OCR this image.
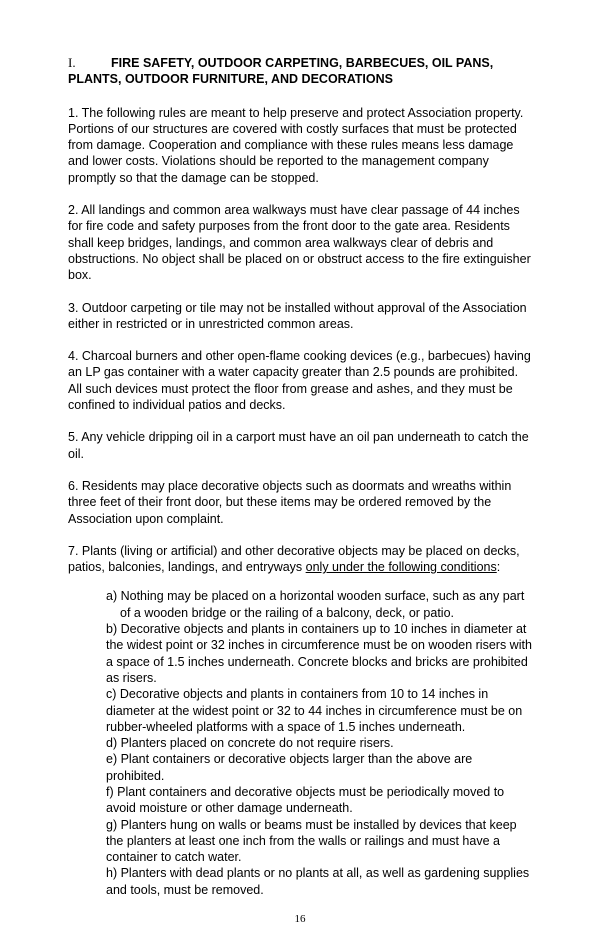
I.	FIRE SAFETY, OUTDOOR CARPETING, BARBECUES, OIL PANS, PLANTS, OUTDOOR FURNITURE, AND DECORATIONS

1. The following rules are meant to help preserve and protect Association property. Portions of our structures are covered with costly surfaces that must be protected from damage. Cooperation and compliance with these rules means less damage and lower costs. Violations should be reported to the management company promptly so that the damage can be stopped.

2. All landings and common area walkways must have clear passage of 44 inches for fire code and safety purposes from the front door to the gate area. Residents shall keep bridges, landings, and common area walkways clear of debris and obstructions. No object shall be placed on or obstruct access to the fire extinguisher box.

3. Outdoor carpeting or tile may not be installed without approval of the Association either in restricted or in unrestricted common areas.

4. Charcoal burners and other open-flame cooking devices (e.g., barbecues) having an LP gas container with a water capacity greater than 2.5 pounds are prohibited. All such devices must protect the floor from grease and ashes, and they must be confined to individual patios and decks.

5. Any vehicle dripping oil in a carport must have an oil pan underneath to catch the oil.

6. Residents may place decorative objects such as doormats and wreaths within three feet of their front door, but these items may be ordered removed by the Association upon complaint.

7. Plants (living or artificial) and other decorative objects may be placed on decks, patios, balconies, landings, and entryways only under the following conditions:

a) Nothing may be placed on a horizontal wooden surface, such as any part of a wooden bridge or the railing of a balcony, deck, or patio.
b) Decorative objects and plants in containers up to 10 inches in diameter at the widest point or 32 inches in circumference must be on wooden risers with a space of 1.5 inches underneath. Concrete blocks and bricks are prohibited as risers.
c) Decorative objects and plants in containers from 10 to 14 inches in diameter at the widest point or 32 to 44 inches in circumference must be on rubber-wheeled platforms with a space of 1.5 inches underneath.
d) Planters placed on concrete do not require risers.
e) Plant containers or decorative objects larger than the above are prohibited.
f) Plant containers and decorative objects must be periodically moved to avoid moisture or other damage underneath.
g) Planters hung on walls or beams must be installed by devices that keep the planters at least one inch from the walls or railings and must have a container to catch water.
h) Planters with dead plants or no plants at all, as well as gardening supplies and tools, must be removed.
16
